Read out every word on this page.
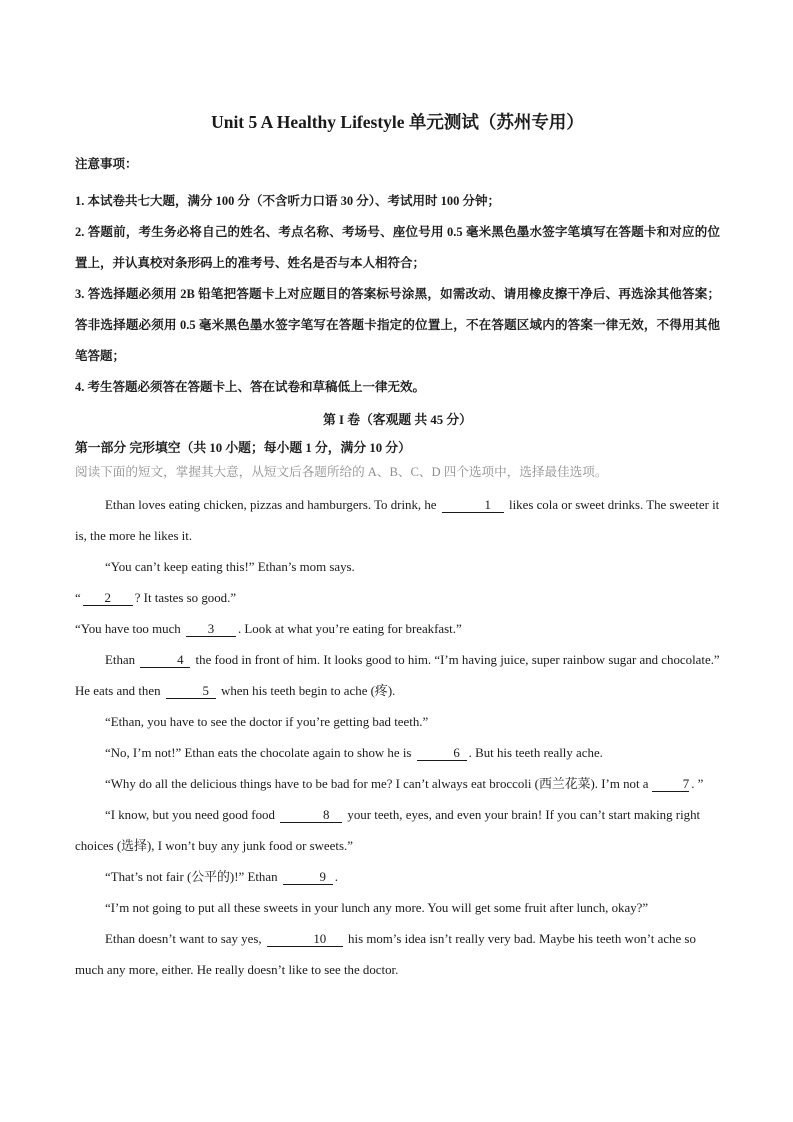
Unit 5 A Healthy Lifestyle 单元测试（苏州专用）

注意事项：

1. 本试卷共七大题，满分 100 分（不含听力口语 30 分）、考试用时 100 分钟；

2. 答题前，考生务必将自己的姓名、考点名称、考场号、座位号用 0.5 毫米黑色墨水签字笔填写在答题卡和对应的位置上，并认真校对条形码上的准考号、姓名是否与本人相符合；

3. 答选择题必须用 2B 铅笔把答题卡上对应题目的答案标号涂黑，如需改动、请用橡皮擦干净后、再选涂其他答案；答非选择题必须用 0.5 毫米黑色墨水签字笔写在答题卡指定的位置上，不在答题区域内的答案一律无效，不得用其他笔答题；

4. 考生答题必须答在答题卡上、答在试卷和草稿低上一律无效。

第 I 卷（客观题 共 45 分）

第一部分 完形填空（共 10 小题；每小题 1 分，满分 10 分）

阅读下面的短文，掌握其大意，从短文后各题所给的 A、B、C、D 四个选项中，选择最佳选项。

Ethan loves eating chicken, pizzas and hamburgers. To drink, he	1 likes cola or sweet drinks. The sweeter it is, the more he likes it.

“You can’t keep eating this!” Ethan’s mom says.

“ 2 ? It tastes so good.”

“You have too much 3 . Look at what you’re eating for breakfast.”

Ethan	4 the food in front of him. It looks good to him. “I’m having juice, super rainbow sugar and chocolate.” He eats and then	5 when his teeth begin to ache (疼).

“Ethan, you have to see the doctor if you’re getting bad teeth.”

“No, I’m not!” Ethan eats the chocolate again to show he is	6 . But his teeth really ache.

“Why do all the delicious things have to be bad for me? I can’t always eat broccoli (西兰花菜). I’m not a	7 . ”

“I know, but you need good food	8 your teeth, eyes, and even your brain! If you can’t start making right choices (选择), I won’t buy any junk food or sweets.”

“That’s not fair (公平的)!” Ethan	9 .

“I’m not going to put all these sweets in your lunch any more. You will get some fruit after lunch, okay?”

Ethan doesn’t want to say yes,	10 his mom’s idea isn’t really very bad. Maybe his teeth won’t ache so much any more, either. He really doesn’t like to see the doctor.
